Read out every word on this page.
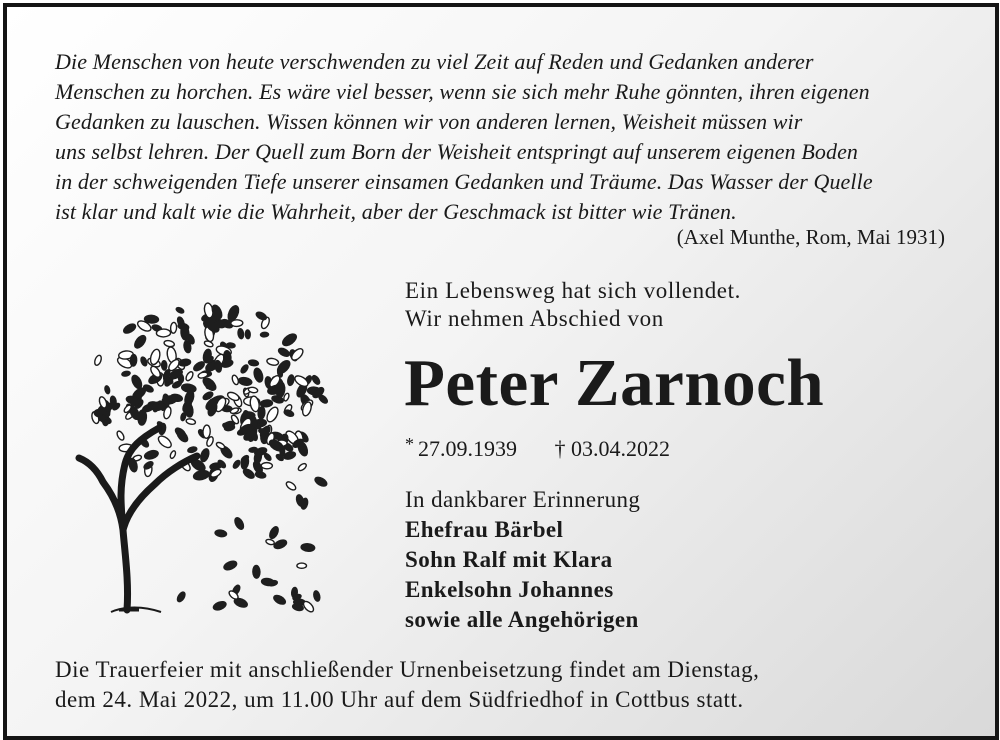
Die Menschen von heute verschwenden zu viel Zeit auf Reden und Gedanken anderer
Menschen zu horchen. Es wäre viel besser, wenn sie sich mehr Ruhe gönnten, ihren eigenen
Gedanken zu lauschen. Wissen können wir von anderen lernen, Weisheit müssen wir
uns selbst lehren. Der Quell zum Born der Weisheit entspringt auf unserem eigenen Boden
in der schweigenden Tiefe unserer einsamen Gedanken und Träume. Das Wasser der Quelle
ist klar und kalt wie die Wahrheit, aber der Geschmack ist bitter wie Tränen.
(Axel Munthe, Rom, Mai 1931)
Ein Lebensweg hat sich vollendet.
Wir nehmen Abschied von
Peter Zarnoch
* 27.09.1939 † 03.04.2022
In dankbarer Erinnerung
Ehefrau Bärbel
Sohn Ralf mit Klara
Enkelsohn Johannes
sowie alle Angehörigen
Die Trauerfeier mit anschließender Urnenbeisetzung findet am Dienstag,
dem 24. Mai 2022, um 11.00 Uhr auf dem Südfriedhof in Cottbus statt.
